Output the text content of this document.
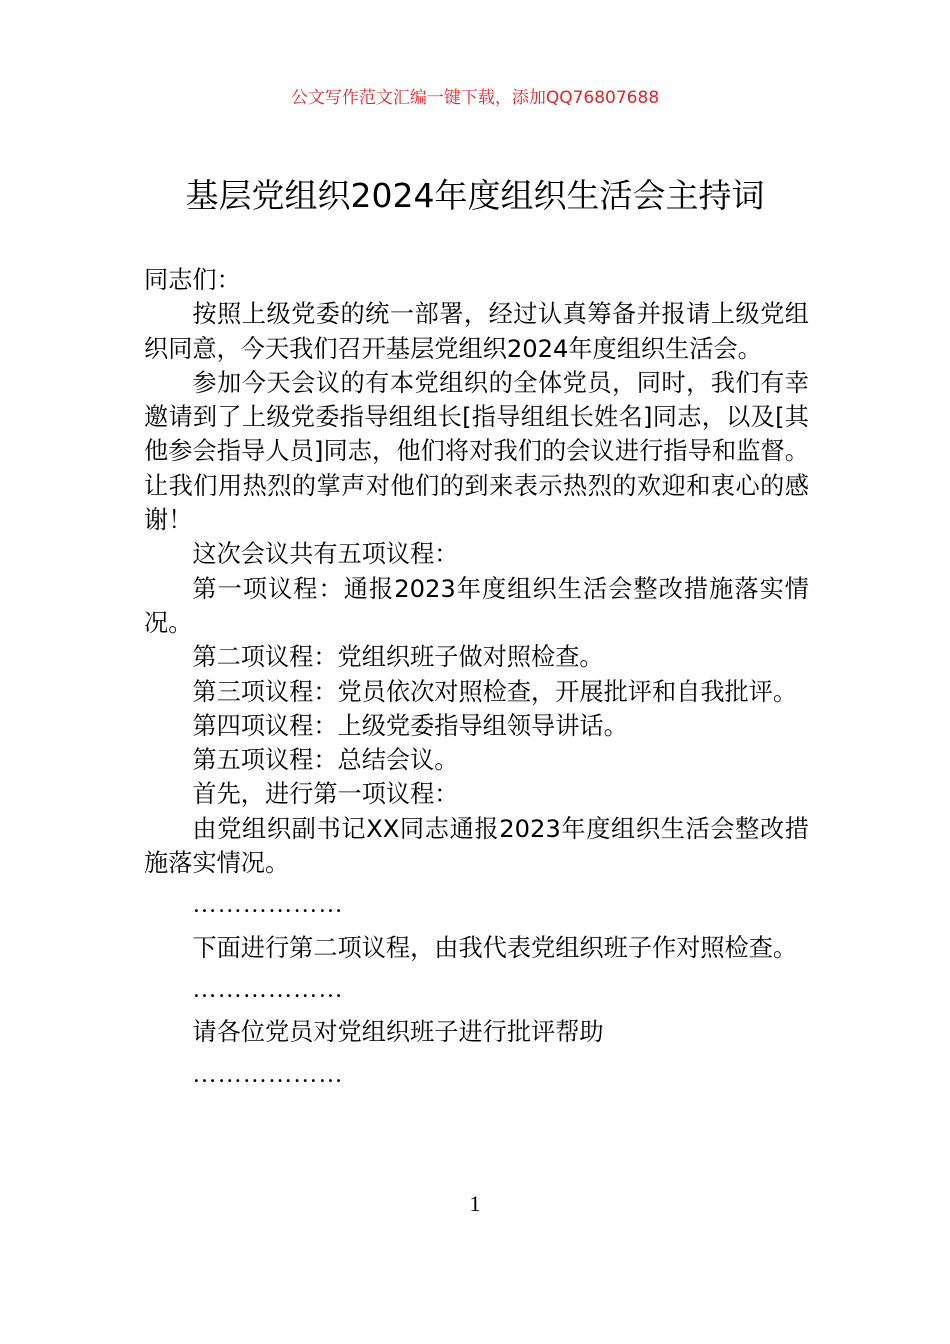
公文写作范文汇编一键下载，添加QQ76807688
基层党组织2024年度组织生活会主持词

同志们：

按照上级党委的统一部署，经过认真筹备并报请上级党组织同意，今天我们召开基层党组织2024年度组织生活会。

参加今天会议的有本党组织的全体党员，同时，我们有幸邀请到了上级党委指导组组长[指导组组长姓名]同志，以及[其他参会指导人员]同志，他们将对我们的会议进行指导和监督。让我们用热烈的掌声对他们的到来表示热烈的欢迎和衷心的感谢！

这次会议共有五项议程：

第一项议程：通报2023年度组织生活会整改措施落实情况。

第二项议程：党组织班子做对照检查。

第三项议程：党员依次对照检查，开展批评和自我批评。

第四项议程：上级党委指导组领导讲话。

第五项议程：总结会议。

首先，进行第一项议程：

由党组织副书记XX同志通报2023年度组织生活会整改措施落实情况。

………………

下面进行第二项议程，由我代表党组织班子作对照检查。

………………

请各位党员对党组织班子进行批评帮助

………………

1
